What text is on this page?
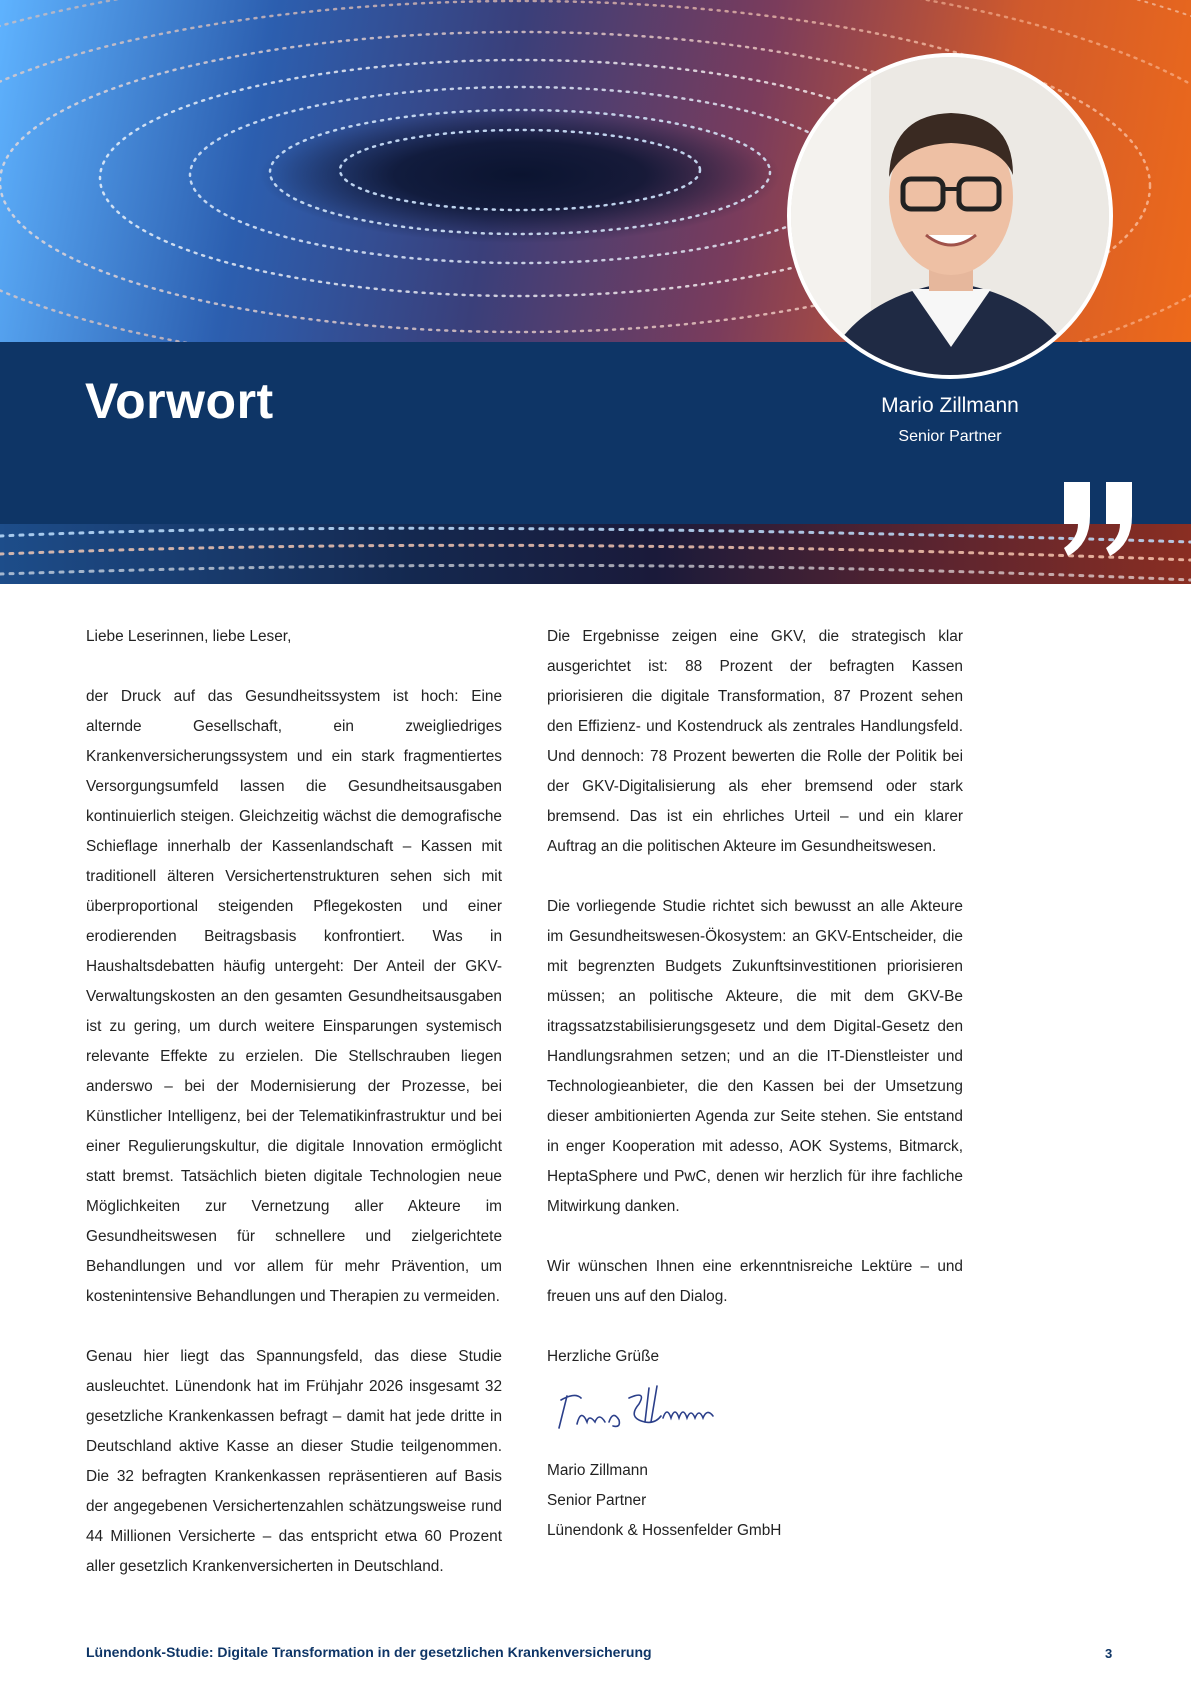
Vorwort	Mario Zillmann
Senior Partner

Liebe Leserinnen, liebe Leser,

der Druck auf das Gesundheitssystem ist hoch: Eine alternde Gesellschaft, ein zweigliedriges Krankenversicherungssystem und ein stark fragmentiertes Versorgungsumfeld lassen die Gesundheitsausgaben kontinuierlich steigen. Gleichzeitig wächst die demografische Schieflage innerhalb der Kassenlandschaft – Kassen mit traditionell älteren Versichertenstrukturen sehen sich mit überproportional steigenden Pflegekosten und einer erodierenden Beitragsbasis konfrontiert. Was in Haushaltsdebatten häufig untergeht: Der Anteil der GKV-Verwaltungskosten an den gesamten Gesundheitsausgaben ist zu gering, um durch weitere Einsparungen systemisch relevante Effekte zu erzielen. Die Stellschrauben liegen anderswo – bei der Modernisierung der Prozesse, bei Künstlicher Intelligenz, bei der Telematikinfrastruktur und bei einer Regulierungskultur, die digitale Innovation ermöglicht statt bremst. Tatsächlich bieten digitale Technologien neue Möglichkeiten zur Vernetzung aller Akteure im Gesundheitswesen für schnellere und zielgerichtete Behandlungen und vor allem für mehr Prävention, um kostenintensive Behandlungen und Therapien zu vermeiden.

Genau hier liegt das Spannungsfeld, das diese Studie ausleuchtet. Lünendonk hat im Frühjahr 2026 insgesamt 32 gesetzliche Krankenkassen befragt – damit hat jede dritte in Deutschland aktive Kasse an dieser Studie teilgenommen. Die 32 befragten Krankenkassen repräsentieren auf Basis der angegebenen Versichertenzahlen schätzungsweise rund 44 Millionen Versicherte – das entspricht etwa 60 Prozent aller gesetzlich Krankenversicherten in Deutschland.

Die Ergebnisse zeigen eine GKV, die strategisch klar ausgerichtet ist: 88 Prozent der befragten Kassen priorisieren die digitale Transformation, 87 Prozent sehen den Effizienz- und Kostendruck als zentrales Handlungsfeld. Und dennoch: 78 Prozent bewerten die Rolle der Politik bei der GKV-Digitalisierung als eher bremsend oder stark bremsend. Das ist ein ehrliches Urteil – und ein klarer Auftrag an die politischen Akteure im Gesundheitswesen.

Die vorliegende Studie richtet sich bewusst an alle Akteure im Gesundheitswesen-Ökosystem: an GKV-Entscheider, die mit begrenzten Budgets Zukunftsinvestitionen priorisieren müssen; an politische Akteure, die mit dem GKV-Be itragssatzstabilisierungsgesetz und dem Digital-Gesetz den Handlungsrahmen setzen; und an die IT-Dienstleister und Technologieanbieter, die den Kassen bei der Umsetzung dieser ambitionierten Agenda zur Seite stehen. Sie entstand in enger Kooperation mit adesso, AOK Systems, Bitmarck, HeptaSphere und PwC, denen wir herzlich für ihre fachliche Mitwirkung danken.

Wir wünschen Ihnen eine erkenntnisreiche Lektüre – und freuen uns auf den Dialog.

Herzliche Grüße

Mario Zillmann

Senior Partner

Lünendonk & Hossenfelder GmbH

Lünendonk-Studie: Digitale Transformation in der gesetzlichen Krankenversicherung	3
